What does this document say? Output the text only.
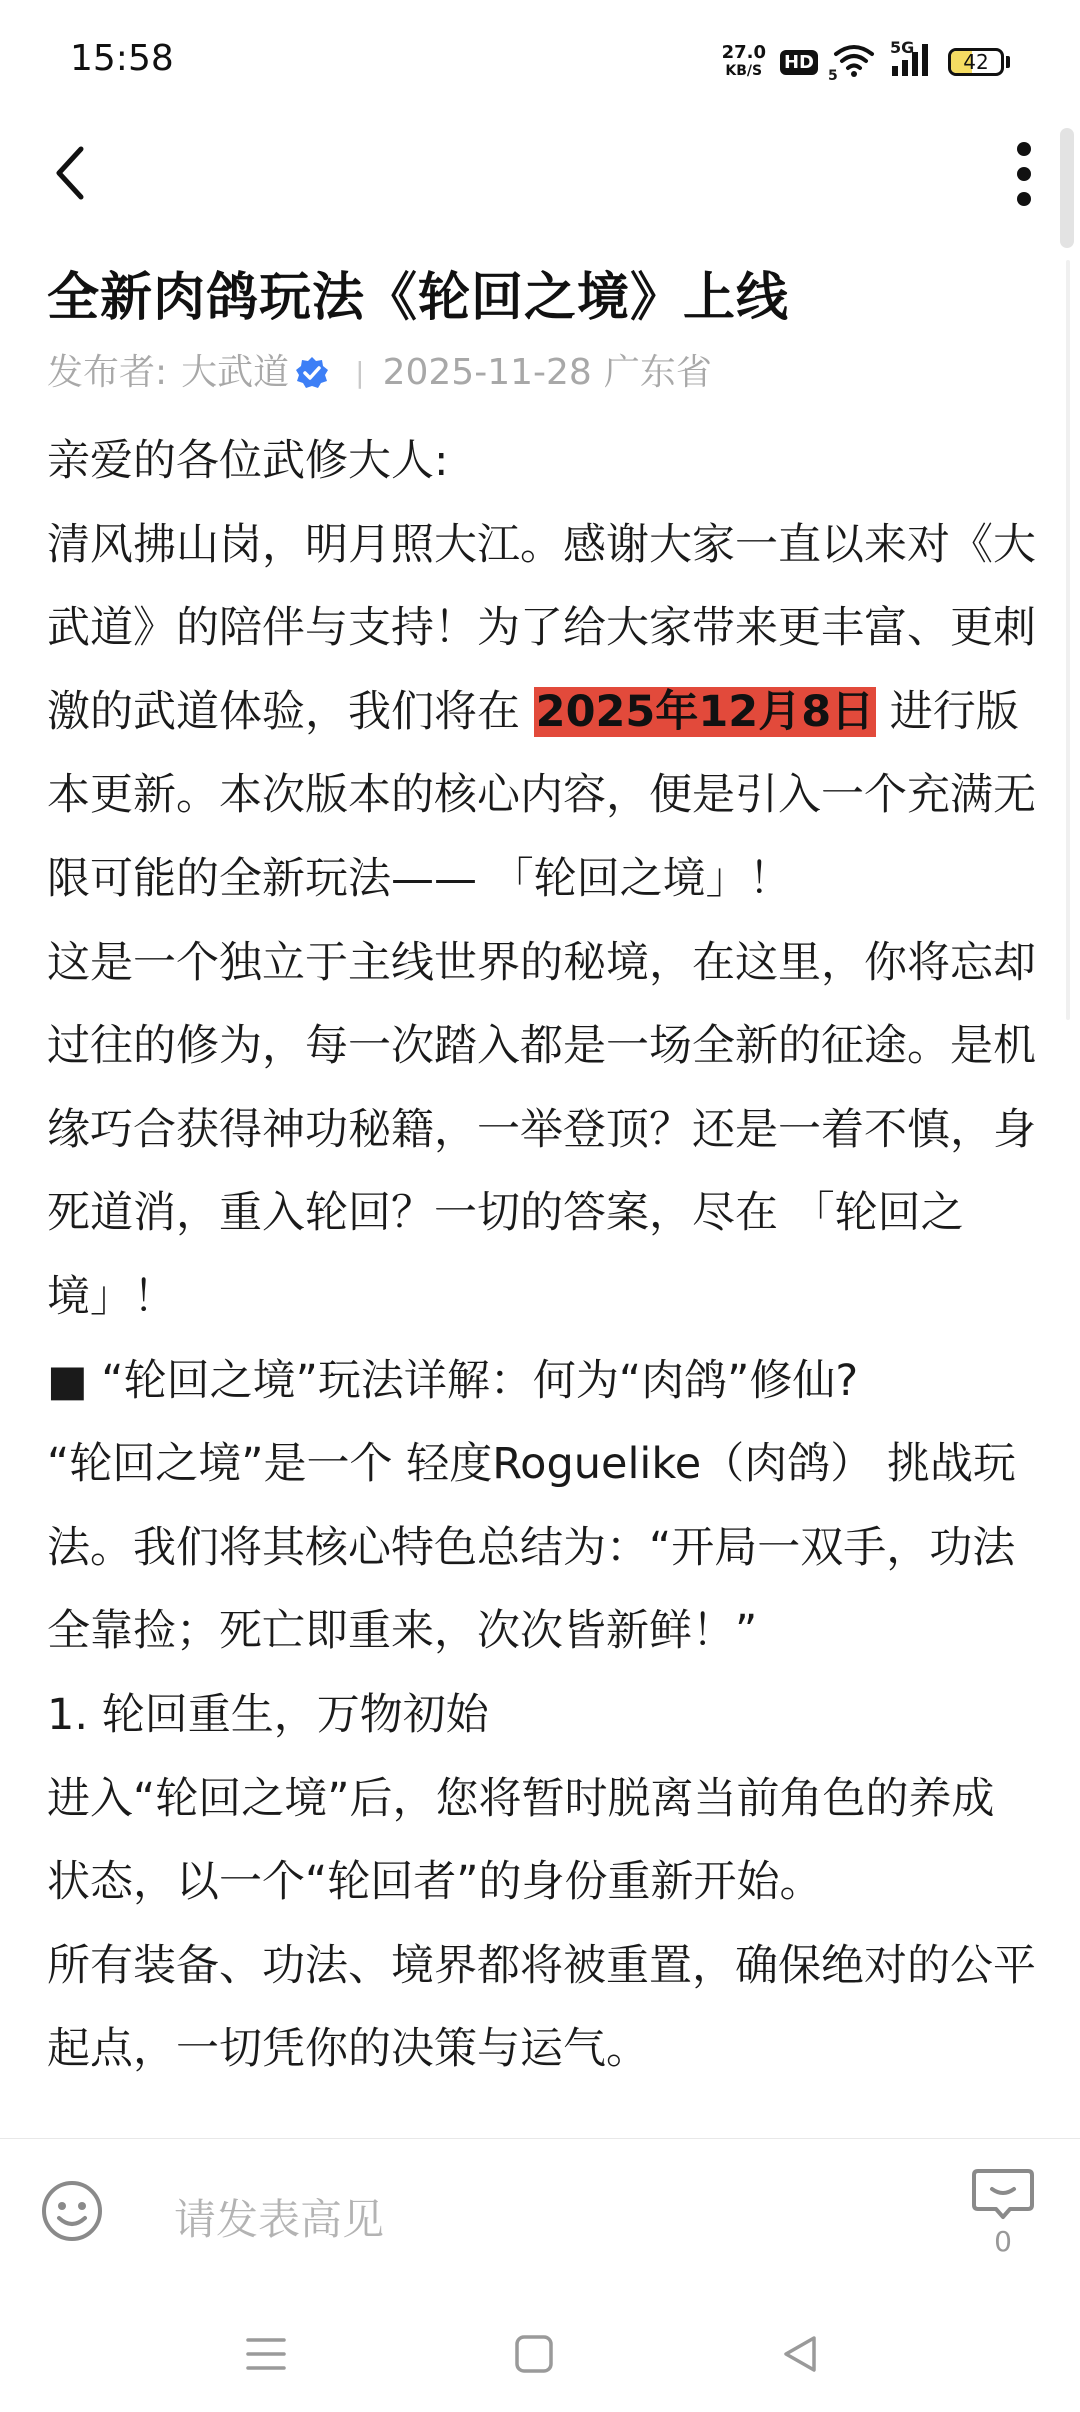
15:58	27.0
KB/S HD
5
5G
42
全新肉鸽玩法《轮回之境》上线
发布者: 大武道 | 2025-11-28 广东省

亲爱的各位武修大人:

清风拂山岗，明月照大江。感谢大家一直以来对《大武道》的陪伴与支持！为了给大家带来更丰富、更刺激的武道体验，我们将在 2025年12月8日 进行版本更新。本次版本的核心内容，便是引入一个充满无限可能的全新玩法—— 「轮回之境」！

这是一个独立于主线世界的秘境，在这里，你将忘却过往的修为，每一次踏入都是一场全新的征途。是机缘巧合获得神功秘籍，一举登顶？还是一着不慎，身死道消，重入轮回？一切的答案，尽在 「轮回之境」！

■ “轮回之境”玩法详解：何为“肉鸽”修仙?

“轮回之境”是一个 轻度Roguelike（肉鸽） 挑战玩法。我们将其核心特色总结为：“开局一双手，功法全靠捡；死亡即重来，次次皆新鲜！”

1. 轮回重生，万物初始

进入“轮回之境”后，您将暂时脱离当前角色的养成状态，以一个“轮回者”的身份重新开始。

所有装备、功法、境界都将被重置，确保绝对的公平起点，一切凭你的决策与运气。

请发表高见	0
